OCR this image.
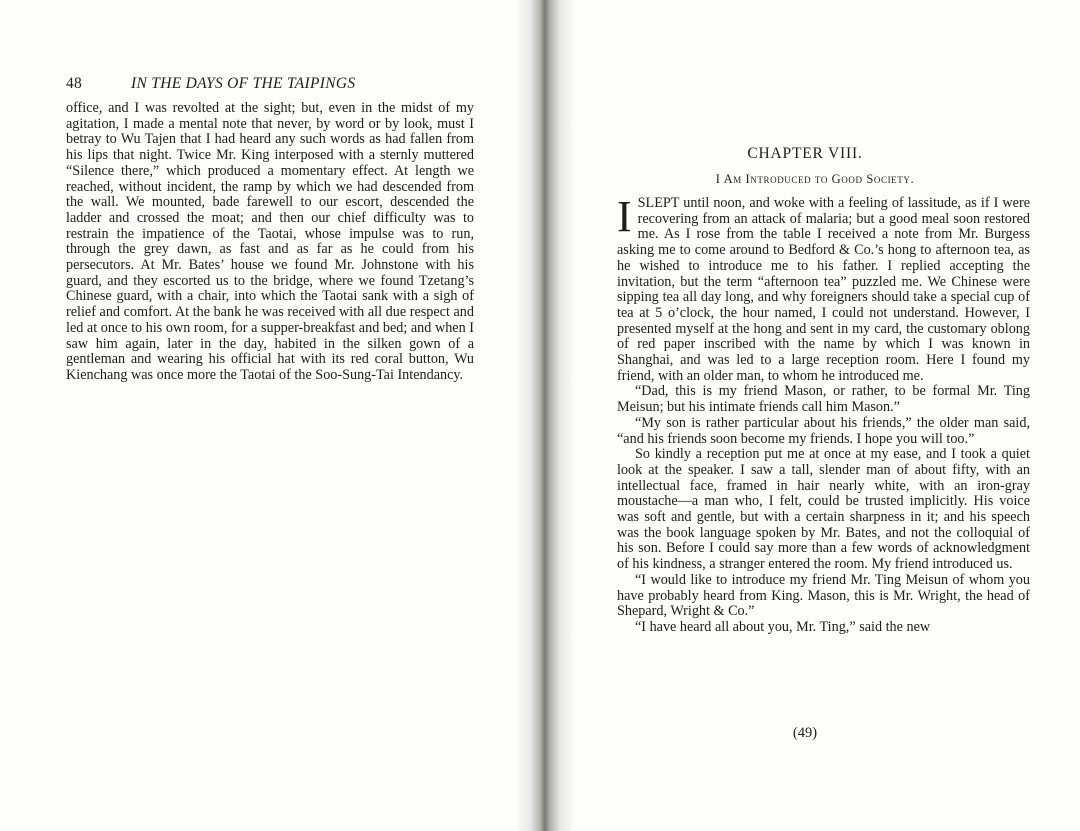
48	IN THE DAYS OF THE TAIPINGS

office, and I was revolted at the sight; but, even in the midst of my agitation, I made a mental note that never, by word or by look, must I betray to Wu Tajen that I had heard any such words as had fallen from his lips that night. Twice Mr. King interposed with a sternly muttered “Silence there,” which produced a momentary effect. At length we reached, without incident, the ramp by which we had descended from the wall. We mounted, bade farewell to our escort, descended the ladder and crossed the moat; and then our chief difficulty was to restrain the impatience of the Taotai, whose impulse was to run, through the grey dawn, as fast and as far as he could from his persecutors. At Mr. Bates’ house we found Mr. Johnstone with his guard, and they escorted us to the bridge, where we found Tzetang’s Chinese guard, with a chair, into which the Taotai sank with a sigh of relief and comfort. At the bank he was received with all due respect and led at once to his own room, for a supper-breakfast and bed; and when I saw him again, later in the day, habited in the silken gown of a gentleman and wearing his official hat with its red coral button, Wu Kienchang was once more the Taotai of the Soo-Sung-Tai Intendancy.

CHAPTER VIII.

I Am Introduced to Good Society.

ISLEPT until noon, and woke with a feeling of lassitude, as if I were recovering from an attack of malaria; but a good meal soon restored me. As I rose from the table I received a note from Mr. Burgess asking me to come around to Bedford & Co.’s hong to afternoon tea, as he wished to introduce me to his father. I replied accepting the invitation, but the term “afternoon tea” puzzled me. We Chinese were sipping tea all day long, and why foreigners should take a special cup of tea at 5 o’clock, the hour named, I could not understand. However, I presented myself at the hong and sent in my card, the customary oblong of red paper inscribed with the name by which I was known in Shanghai, and was led to a large reception room. Here I found my friend, with an older man, to whom he introduced me.

“Dad, this is my friend Mason, or rather, to be formal Mr. Ting Meisun; but his intimate friends call him Mason.”

“My son is rather particular about his friends,” the older man said, “and his friends soon become my friends. I hope you will too.”

So kindly a reception put me at once at my ease, and I took a quiet look at the speaker. I saw a tall, slender man of about fifty, with an intellectual face, framed in hair nearly white, with an iron-gray moustache—a man who, I felt, could be trusted implicitly. His voice was soft and gentle, but with a certain sharpness in it; and his speech was the book language spoken by Mr. Bates, and not the colloquial of his son. Before I could say more than a few words of acknowledgment of his kindness, a stranger entered the room. My friend introduced us.

“I would like to introduce my friend Mr. Ting Meisun of whom you have probably heard from King. Mason, this is Mr. Wright, the head of Shepard, Wright & Co.”

“I have heard all about you, Mr. Ting,” said the new

(49)
